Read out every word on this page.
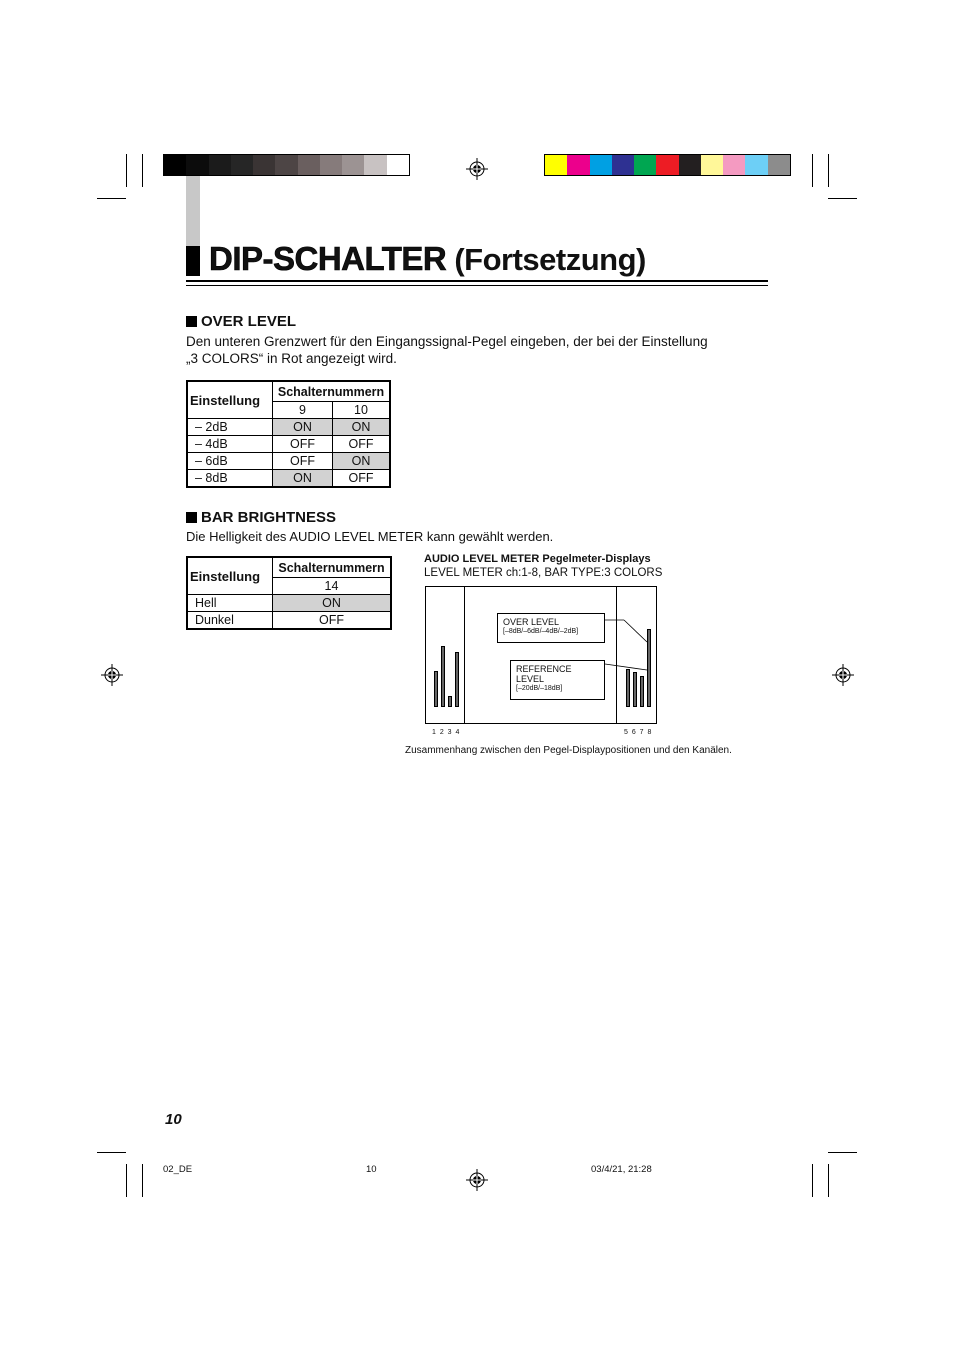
DIP-SCHALTER (Fortsetzung)
OVER LEVEL
Den unteren Grenzwert für den Eingangssignal-Pegel eingeben, der bei der Einstellung
„3 COLORS“ in Rot angezeigt wird.
Einstellung	Schalternummern	
	9	10
– 2dB	ON	ON
– 4dB	OFF	OFF
– 6dB	OFF	ON
– 8dB	ON	OFF
BAR BRIGHTNESS
Die Helligkeit des AUDIO LEVEL METER kann gewählt werden.
Einstellung	Schalternummern
	14
Hell	ON
Dunkel	OFF
AUDIO LEVEL METER Pegelmeter-Displays
LEVEL METER ch:1-8, BAR TYPE:3 COLORS
OVER LEVEL
[–8dB/–6dB/–4dB/–2dB]
REFERENCE
LEVEL
[–20dB/–18dB]
1 2 3 4	5 6 7 8
Zusammenhang zwischen den Pegel-Displaypositionen und den Kanälen.
10
02_DE	10	03/4/21, 21:28
